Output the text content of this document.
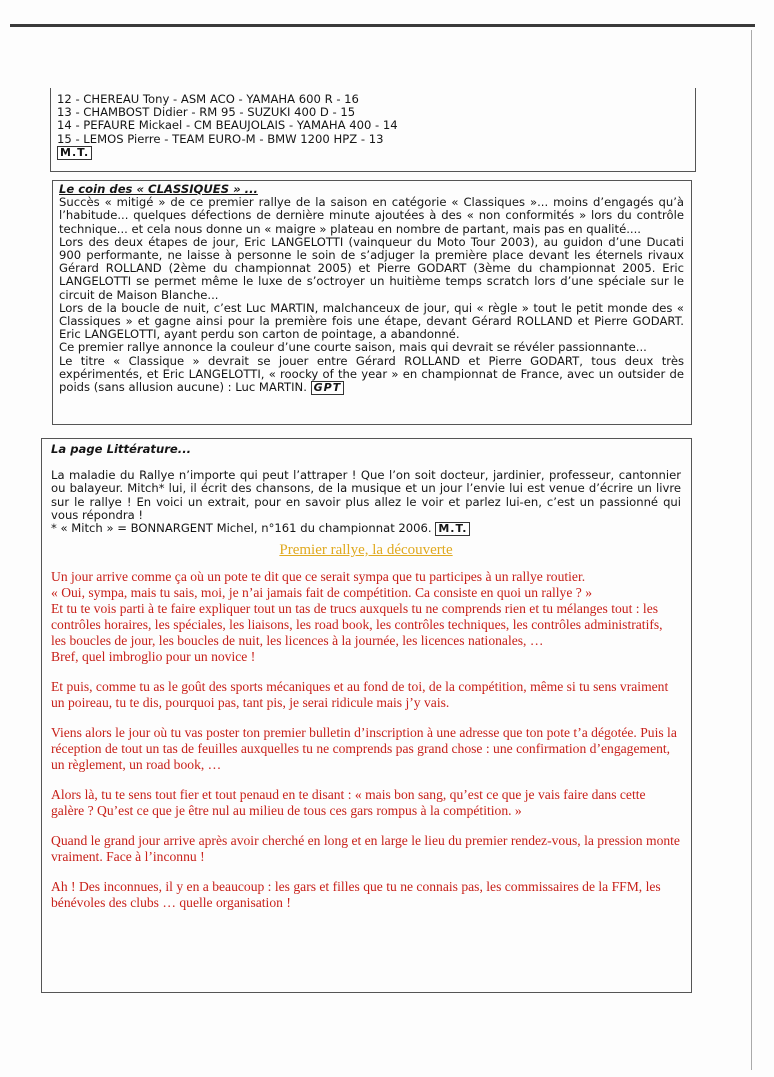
12 - CHEREAU Tony - ASM ACO - YAMAHA 600 R - 16

13 - CHAMBOST Didier - RM 95 - SUZUKI 400 D - 15

14 - PEFAURE Mickael - CM BEAUJOLAIS - YAMAHA 400 - 14

15 - LEMOS Pierre - TEAM EURO-M - BMW 1200 HPZ - 13

M.T.

Le coin des « CLASSIQUES » ...

Succès « mitigé » de ce premier rallye de la saison en catégorie « Classiques »... moins d’engagés qu’à l’habitude... quelques défections de dernière minute ajoutées à des « non conformités » lors du contrôle technique... et cela nous donne un « maigre » plateau en nombre de partant, mais pas en qualité....

Lors des deux étapes de jour, Eric LANGELOTTI (vainqueur du Moto Tour 2003), au guidon d’une Ducati 900 performante, ne laisse à personne le soin de s’adjuger la première place devant les éternels rivaux Gérard ROLLAND (2ème du championnat 2005) et Pierre GODART (3ème du championnat 2005. Eric LANGELOTTI se permet même le luxe de s’octroyer un huitième temps scratch lors d’une spéciale sur le circuit de Maison Blanche...

Lors de la boucle de nuit, c’est Luc MARTIN, malchanceux de jour, qui « règle » tout le petit monde des « Classiques » et gagne ainsi pour la première fois une étape, devant Gérard ROLLAND et Pierre GODART. Eric LANGELOTTI, ayant perdu son carton de pointage, a abandonné.

Ce premier rallye annonce la couleur d’une courte saison, mais qui devrait se révéler passionnante...

Le titre « Classique » devrait se jouer entre Gérard ROLLAND et Pierre GODART, tous deux très expérimentés, et Eric LANGELOTTI, « roocky of the year » en championnat de France, avec un outsider de poids (sans allusion aucune) : Luc MARTIN. GPT

La page Littérature...

La maladie du Rallye n’importe qui peut l’attraper ! Que l’on soit docteur, jardinier, professeur, cantonnier ou balayeur. Mitch* lui, il écrit des chansons, de la musique et un jour l’envie lui est venue d’écrire un livre sur le rallye ! En voici un extrait, pour en savoir plus allez le voir et parlez lui-en, c’est un passionné qui vous répondra !

* « Mitch » = BONNARGENT Michel, n°161 du championnat 2006. M.T.

Premier rallye, la découverte

Un jour arrive comme ça où un pote te dit que ce serait sympa que tu participes à un rallye routier.

« Oui, sympa, mais tu sais, moi, je n’ai jamais fait de compétition. Ca consiste en quoi un rallye ? »

Et tu te vois parti à te faire expliquer tout un tas de trucs auxquels tu ne comprends rien et tu mélanges tout : les contrôles horaires, les spéciales, les liaisons, les road book, les contrôles techniques, les contrôles administratifs, les boucles de jour, les boucles de nuit, les licences à la journée, les licences nationales, …

Bref, quel imbroglio pour un novice !

Et puis, comme tu as le goût des sports mécaniques et au fond de toi, de la compétition, même si tu sens vraiment un poireau, tu te dis, pourquoi pas, tant pis, je serai ridicule mais j’y vais.

Viens alors le jour où tu vas poster ton premier bulletin d’inscription à une adresse que ton pote t’a dégotée. Puis la réception de tout un tas de feuilles auxquelles tu ne comprends pas grand chose : une confirmation d’engagement, un règlement, un road book, …

Alors là, tu te sens tout fier et tout penaud en te disant : « mais bon sang, qu’est ce que je vais faire dans cette galère ? Qu’est ce que je être nul au milieu de tous ces gars rompus à la compétition. »

Quand le grand jour arrive après avoir cherché en long et en large le lieu du premier rendez-vous, la pression monte vraiment. Face à l’inconnu !

Ah ! Des inconnues, il y en a beaucoup : les gars et filles que tu ne connais pas, les commissaires de la FFM, les bénévoles des clubs … quelle organisation !
